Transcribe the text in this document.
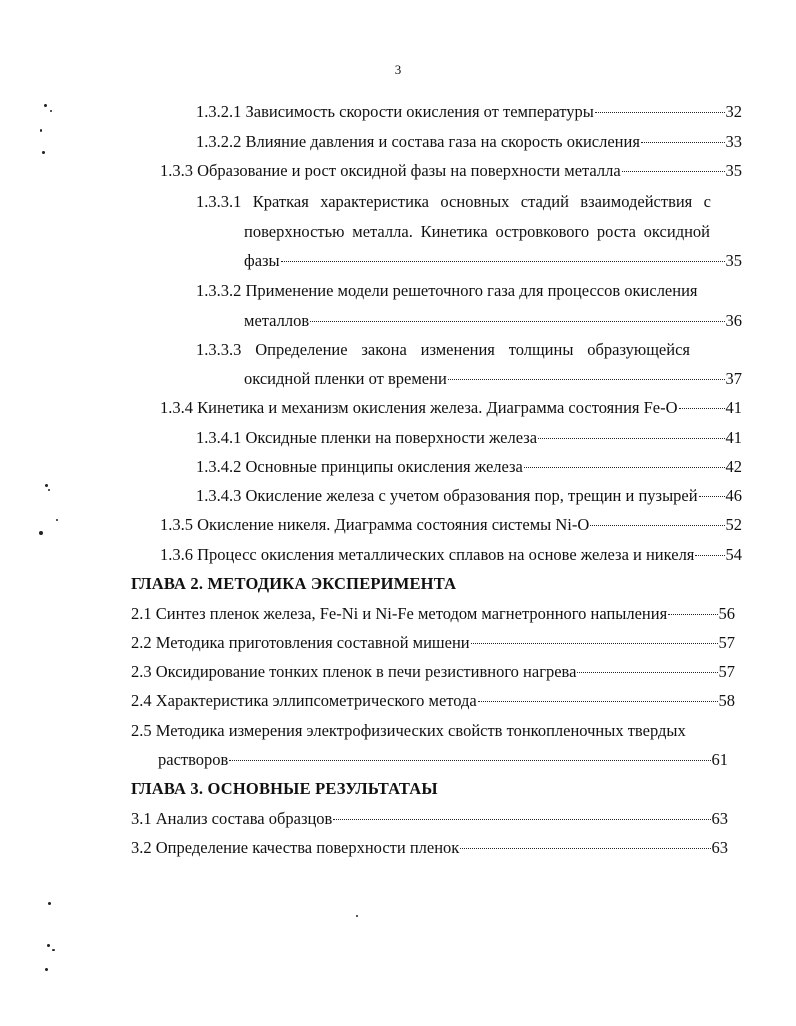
3
1.3.2.1 Зависимость скорости окисления от температуры	32
1.3.2.2 Влияние давления и состава газа на скорость окисления	33
1.3.3 Образование и рост оксидной фазы на поверхности металла	35
1.3.3.1 Краткая характеристика основных стадий взаимодействия с
поверхностью металла. Кинетика островкового роста оксидной
фазы	35
1.3.3.2 Применение модели решеточного газа для процессов окисления
металлов	36
1.3.3.3 Определение закона изменения толщины образующейся
оксидной пленки от времени	37
1.3.4 Кинетика и механизм окисления железа. Диаграмма состояния Fe-O	41
1.3.4.1 Оксидные пленки на поверхности железа	41
1.3.4.2 Основные принципы окисления железа	42
1.3.4.3 Окисление железа с учетом образования пор, трещин и пузырей 46
1.3.5 Окисление никеля. Диаграмма состояния системы Ni-O	52
1.3.6 Процесс окисления металлических сплавов на основе железа и никеля 54
ГЛАВА 2. МЕТОДИКА ЭКСПЕРИМЕНТА
2.1 Синтез пленок железа, Fe-Ni и Ni-Fe методом магнетронного напыления	56
2.2 Методика приготовления составной мишени	57
2.3 Оксидирование тонких пленок в печи резистивного нагрева	57
2.4 Характеристика эллипсометрического метода	58
2.5 Методика измерения электрофизических свойств тонкопленочных твердых
растворов	61
ГЛАВА 3. ОСНОВНЫЕ РЕЗУЛЬТАТАЫ
3.1 Анализ состава образцов	63
3.2 Определение качества поверхности пленок	63
